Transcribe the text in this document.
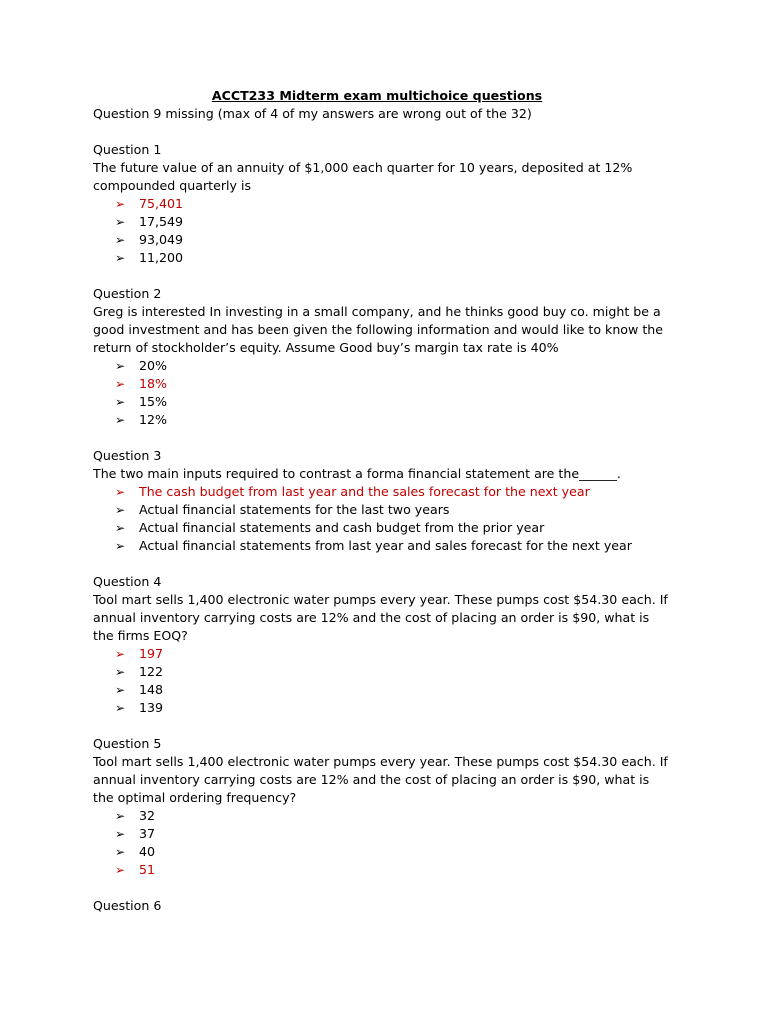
ACCT233 Midterm exam multichoice questions

Question 9 missing (max of 4 of my answers are wrong out of the 32)

Question 1

The future value of an annuity of $1,000 each quarter for 10 years, deposited at 12% compounded quarterly is

➢ 75,401
➢ 17,549
➢ 93,049
➢ 11,200

Question 2

Greg is interested In investing in a small company, and he thinks good buy co. might be a good investment and has been given the following information and would like to know the return of stockholder’s equity. Assume Good buy’s margin tax rate is 40%

➢ 20%
➢ 18%
➢ 15%
➢ 12%

Question 3

The two main inputs required to contrast a forma financial statement are the______.

➢ The cash budget from last year and the sales forecast for the next year
➢ Actual financial statements for the last two years
➢ Actual financial statements and cash budget from the prior year
➢ Actual financial statements from last year and sales forecast for the next year

Question 4

Tool mart sells 1,400 electronic water pumps every year. These pumps cost $54.30 each. If annual inventory carrying costs are 12% and the cost of placing an order is $90, what is the firms EOQ?

➢ 197
➢ 122
➢ 148
➢ 139

Question 5

Tool mart sells 1,400 electronic water pumps every year. These pumps cost $54.30 each. If annual inventory carrying costs are 12% and the cost of placing an order is $90, what is the optimal ordering frequency?

➢ 32
➢ 37
➢ 40
➢ 51

Question 6
